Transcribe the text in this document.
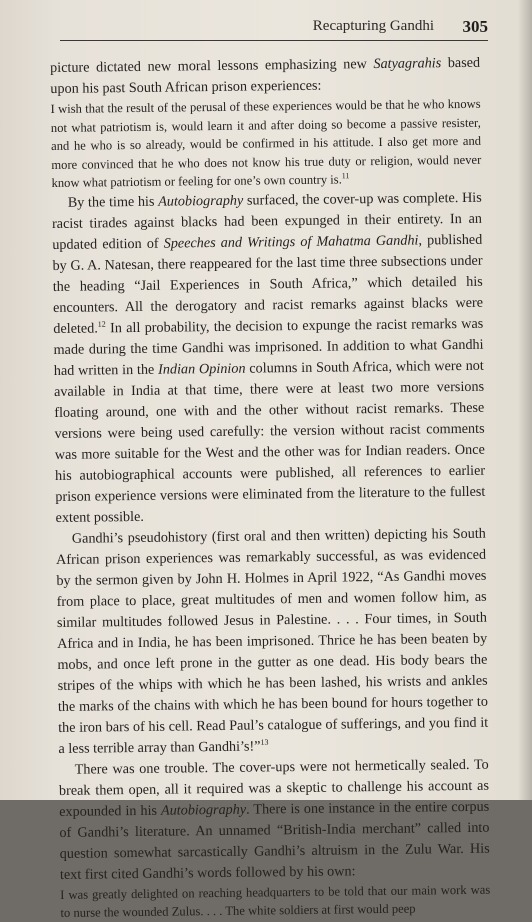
Recapturing Gandhi 305

picture dictated new moral lessons emphasizing new Satyagrahis based upon his past South African prison experiences:

I wish that the result of the perusal of these experiences would be that he who knows not what patriotism is, would learn it and after doing so become a passive resister, and he who is so already, would be confirmed in his attitude. I also get more and more convinced that he who does not know his true duty or religion, would never know what patriotism or feeling for one’s own country is.$^{11}$

By the time his Autobiography surfaced, the cover-up was complete. His racist tirades against blacks had been expunged in their entirety. In an updated edition of Speeches and Writings of Mahatma Gandhi, published by G. A. Natesan, there reappeared for the last time three subsections under the heading “Jail Experiences in South Africa,” which detailed his encounters. All the derogatory and racist remarks against blacks were deleted.$^{12}$ In all probability, the decision to expunge the racist remarks was made during the time Gandhi was imprisoned. In addition to what Gandhi had written in the Indian Opinion columns in South Africa, which were not available in India at that time, there were at least two more versions floating around, one with and the other without racist remarks. These versions were being used carefully: the version without racist comments was more suitable for the West and the other was for Indian readers. Once his autobiographical accounts were published, all references to earlier prison experience versions were eliminated from the literature to the fullest extent possible.

Gandhi’s pseudohistory (first oral and then written) depicting his South African prison experiences was remarkably successful, as was evidenced by the sermon given by John H. Holmes in April 1922, “As Gandhi moves from place to place, great multitudes of men and women follow him, as similar multitudes followed Jesus in Palestine. . . . Four times, in South Africa and in India, he has been imprisoned. Thrice he has been beaten by mobs, and once left prone in the gutter as one dead. His body bears the stripes of the whips with which he has been lashed, his wrists and ankles the marks of the chains with which he has been bound for hours together to the iron bars of his cell. Read Paul’s catalogue of sufferings, and you find it a less terrible array than Gandhi’s!”$^{13}$

There was one trouble. The cover-ups were not hermetically sealed. To break them open, all it required was a skeptic to challenge his account as expounded in his Autobiography. There is one instance in the entire corpus of Gandhi’s literature. An unnamed “British-India merchant” called into question somewhat sarcastically Gandhi’s altruism in the Zulu War. His text first cited Gandhi’s words followed by his own:

I was greatly delighted on reaching headquarters to be told that our main work was to nurse the wounded Zulus. . . . The white soldiers at first would peep
